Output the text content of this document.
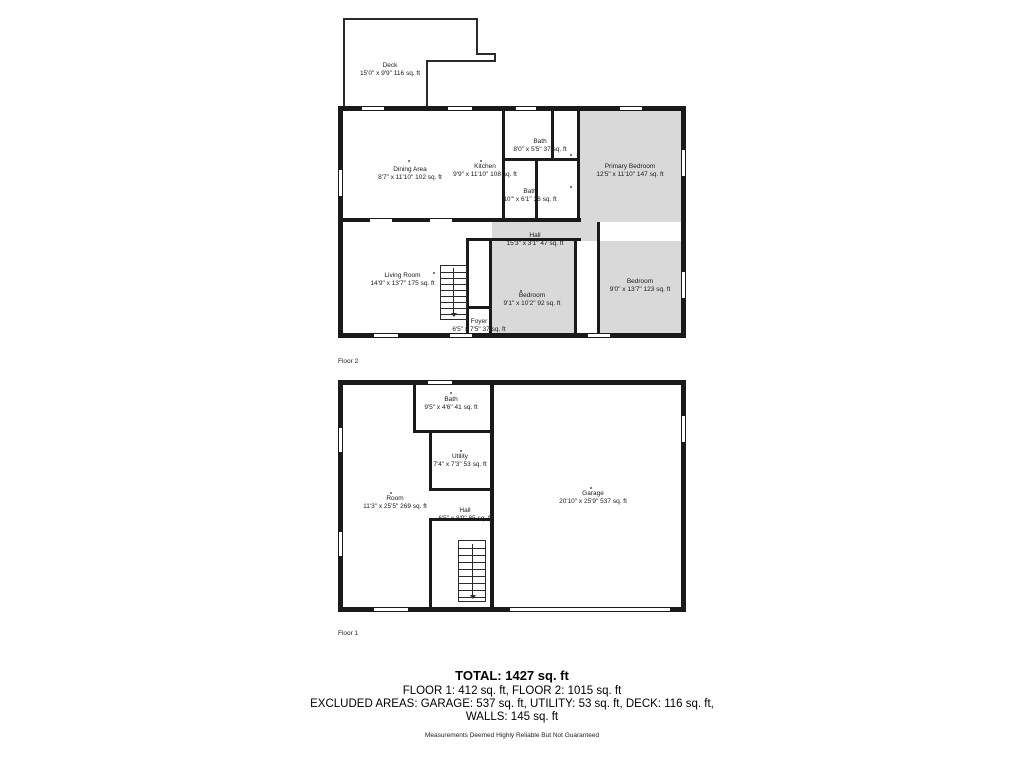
Deck
15'0" x 9'9" 116 sq. ft
Dining Area
8'7" x 11'10" 102 sq. ft
Kitchen
9'9" x 11'10" 108 sq. ft
Bath
8'0" x 5'5" 37 sq. ft
Bath
10'" x 6'1" 36 sq. ft
Primary Bedroom
12'5" x 11'10" 147 sq. ft
Hall
15'3" x 3'1" 47 sq. ft
Living Room
14'9" x 13'7" 175 sq. ft
Bedroom
9'1" x 10'2" 92 sq. ft
Bedroom
9'0" x 13'7" 123 sq. ft
Foyer
6'5" x 7'5" 37 sq. ft
Floor 2
Bath
9'5" x 4'6" 41 sq. ft
Utility
7'4" x 7'3" 53 sq. ft
Room
11'3" x 25'5" 269 sq. ft
Hall
6'5" x 8'0" 85 sq. ft
Garage
20'10" x 25'9" 537 sq. ft
Floor 1
TOTAL: 1427 sq. ft
FLOOR 1: 412 sq. ft, FLOOR 2: 1015 sq. ft
EXCLUDED AREAS: GARAGE: 537 sq. ft, UTILITY: 53 sq. ft, DECK: 116 sq. ft,
WALLS: 145 sq. ft
Measurements Deemed Highly Reliable But Not Guaranteed
